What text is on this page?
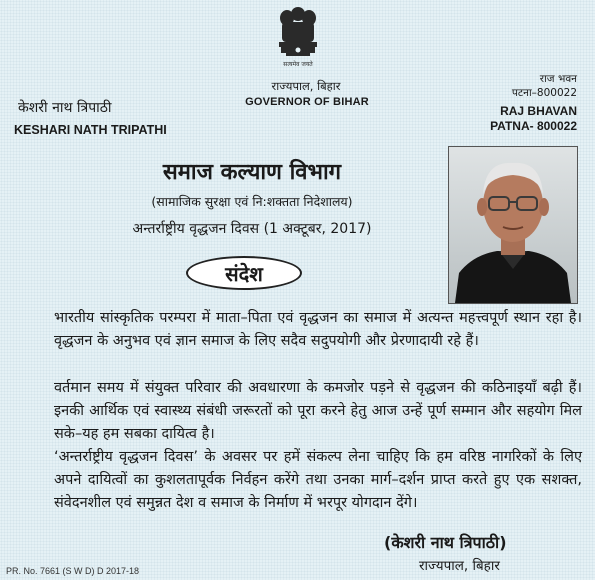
सत्यमेव जयते
राज्यपाल, बिहार
GOVERNOR OF BIHAR
केशरी नाथ त्रिपाठी
KESHARI NATH TRIPATHI
राज भवन
पटना–800022
RAJ BHAVAN
PATNA- 800022
समाज कल्याण विभाग
(सामाजिक सुरक्षा एवं नि:शक्तता निदेशालय)
अन्तर्राष्ट्रीय वृद्धजन दिवस (1 अक्टूबर, 2017)
संदेश
भारतीय सांस्कृतिक परम्परा में माता–पिता एवं वृद्धजन का समाज में अत्यन्त महत्त्वपूर्ण स्थान रहा है। वृद्धजन के अनुभव एवं ज्ञान समाज के लिए सदैव सदुपयोगी और प्रेरणादायी रहे हैं।
वर्तमान समय में संयुक्त परिवार की अवधारणा के कमजोर पड़ने से वृद्धजन की कठिनाइयाँ बढ़ी हैं। इनकी आर्थिक एवं स्वास्थ्य संबंधी जरूरतों को पूरा करने हेतु आज उन्हें पूर्ण सम्मान और सहयोग मिल सके–यह हम सबका दायित्व है।
‘अन्तर्राष्ट्रीय वृद्धजन दिवस’ के अवसर पर हमें संकल्प लेना चाहिए कि हम वरिष्ठ नागरिकों के लिए अपने दायित्वों का कुशलतापूर्वक निर्वहन करेंगे तथा उनका मार्ग–दर्शन प्राप्त करते हुए एक सशक्त, संवेदनशील एवं समुन्नत देश व समाज के निर्माण में भरपूर योगदान देंगे।
(केशरी नाथ त्रिपाठी)
राज्यपाल, बिहार
PR. No. 7661 (S W D) D 2017-18
